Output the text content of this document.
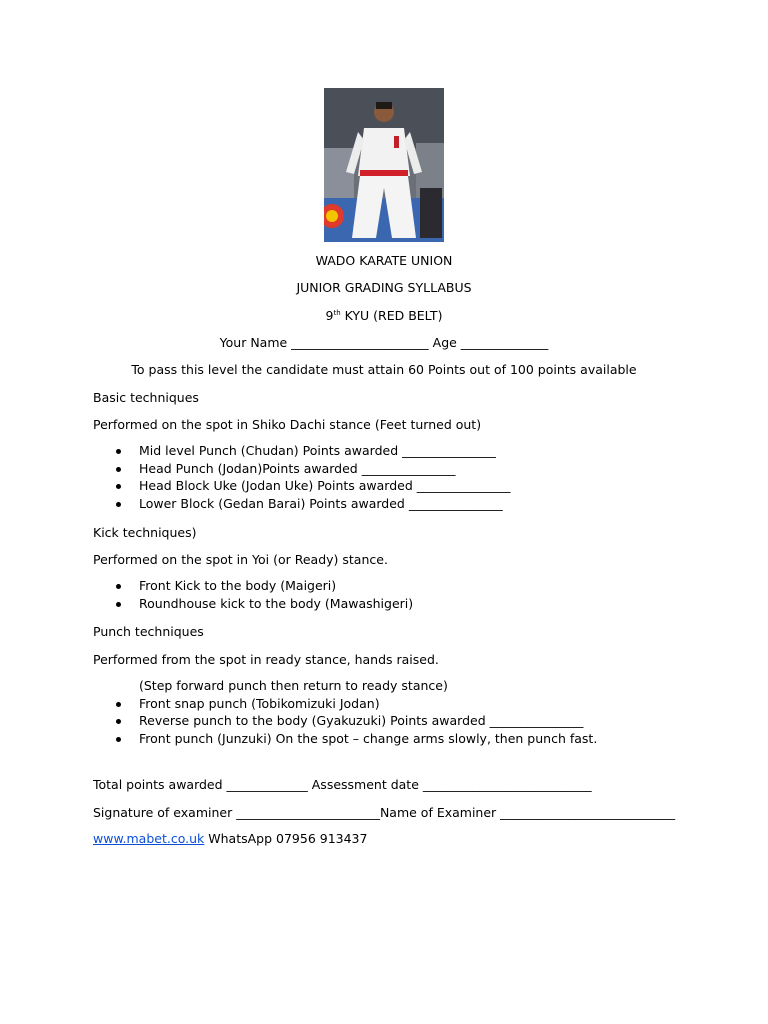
WADO KARATE UNION
JUNIOR GRADING SYLLABUS
9th KYU (RED BELT)
Your Name ______________________ Age ______________
To pass this level the candidate must attain 60 Points out of 100 points available
Basic techniques
Performed on the spot in Shiko Dachi stance (Feet turned out)
Mid level Punch (Chudan) Points awarded _______________
Head Punch (Jodan)Points awarded _______________
Head Block Uke (Jodan Uke) Points awarded _______________
Lower Block (Gedan Barai) Points awarded _______________
Kick techniques)
Performed on the spot in Yoi (or Ready) stance.
Front Kick to the body (Maigeri)
Roundhouse kick to the body (Mawashigeri)
Punch techniques
Performed from the spot in ready stance, hands raised.
(Step forward punch then return to ready stance)
Front snap punch (Tobikomizuki Jodan)
Reverse punch to the body (Gyakuzuki) Points awarded _______________
Front punch (Junzuki) On the spot – change arms slowly, then punch fast.
Total points awarded _____________ Assessment date ___________________________
Signature of examiner _______________________Name of Examiner ____________________________
www.mabet.co.uk WhatsApp 07956 913437
